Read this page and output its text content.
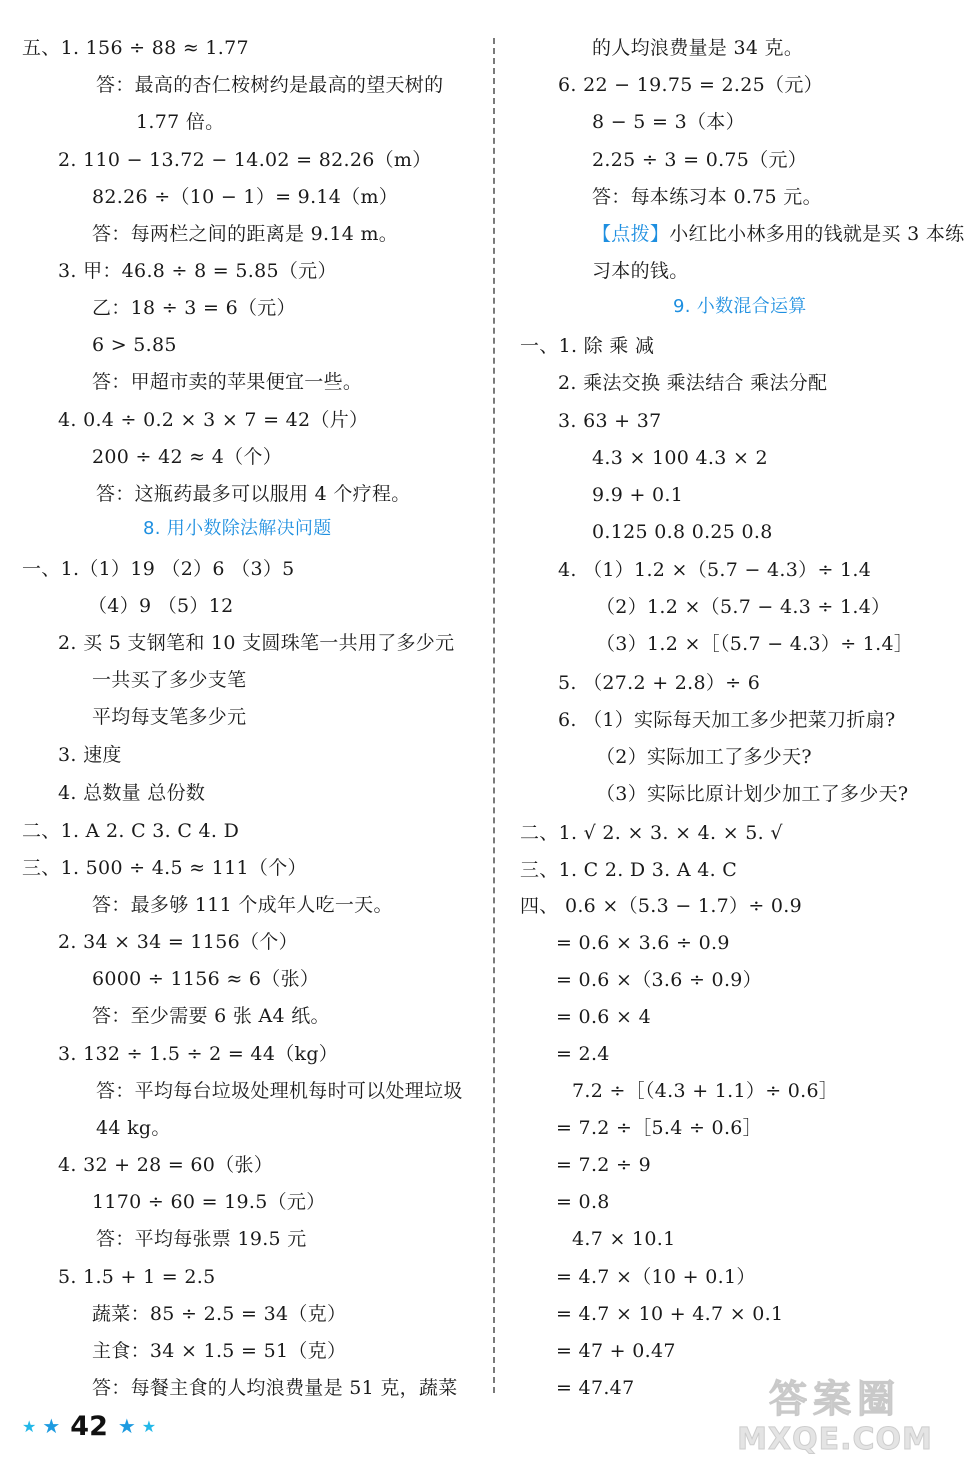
五、1. 156 ÷ 88 ≈ 1.77
答：最高的杏仁桉树约是最高的望天树的
1.77 倍。
2. 110 − 13.72 − 14.02 = 82.26（m）
82.26 ÷（10 − 1）= 9.14（m）
答：每两栏之间的距离是 9.14 m。
3. 甲：46.8 ÷ 8 = 5.85（元）
乙：18 ÷ 3 = 6（元）
6 > 5.85
答：甲超市卖的苹果便宜一些。
4. 0.4 ÷ 0.2 × 3 × 7 = 42（片）
200 ÷ 42 ≈ 4（个）
答：这瓶药最多可以服用 4 个疗程。
8. 用小数除法解决问题
一、1.（1）19 （2）6 （3）5
（4）9 （5）12
2. 买 5 支钢笔和 10 支圆珠笔一共用了多少元
一共买了多少支笔
平均每支笔多少元
3. 速度
4. 总数量 总份数
二、1. A 2. C 3. C 4. D
三、1. 500 ÷ 4.5 ≈ 111（个）
答：最多够 111 个成年人吃一天。
2. 34 × 34 = 1156（个）
6000 ÷ 1156 ≈ 6（张）
答：至少需要 6 张 A4 纸。
3. 132 ÷ 1.5 ÷ 2 = 44（kg）
答：平均每台垃圾处理机每时可以处理垃圾
44 kg。
4. 32 + 28 = 60（张）
1170 ÷ 60 = 19.5（元）
答：平均每张票 19.5 元
5. 1.5 + 1 = 2.5
蔬菜：85 ÷ 2.5 = 34（克）
主食：34 × 1.5 = 51（克）
答：每餐主食的人均浪费量是 51 克，蔬菜
的人均浪费量是 34 克。
6. 22 − 19.75 = 2.25（元）
8 − 5 = 3（本）
2.25 ÷ 3 = 0.75（元）
答：每本练习本 0.75 元。
【点拨】小红比小林多用的钱就是买 3 本练
习本的钱。
9. 小数混合运算
一、1. 除 乘 减
2. 乘法交换 乘法结合 乘法分配
3. 63 + 37
4.3 × 100 4.3 × 2
9.9 + 0.1
0.125 0.8 0.25 0.8
4. （1）1.2 ×（5.7 − 4.3）÷ 1.4
（2）1.2 ×（5.7 − 4.3 ÷ 1.4）
（3）1.2 ×［（5.7 − 4.3）÷ 1.4］
5. （27.2 + 2.8）÷ 6
6. （1）实际每天加工多少把菜刀折扇?
（2）实际加工了多少天?
（3）实际比原计划少加工了多少天?
二、1. √ 2. × 3. × 4. × 5. √
三、1. C 2. D 3. A 4. C
四、 0.6 ×（5.3 − 1.7）÷ 0.9
= 0.6 × 3.6 ÷ 0.9
= 0.6 ×（3.6 ÷ 0.9）
= 0.6 × 4
= 2.4
7.2 ÷［（4.3 + 1.1）÷ 0.6］
= 7.2 ÷［5.4 ÷ 0.6］
= 7.2 ÷ 9
= 0.8
4.7 × 10.1
= 4.7 ×（10 + 0.1）
= 4.7 × 10 + 4.7 × 0.1
= 47 + 0.47
= 47.47
★ ★ 42 ★ ★
答案圈
MXQE.COM
